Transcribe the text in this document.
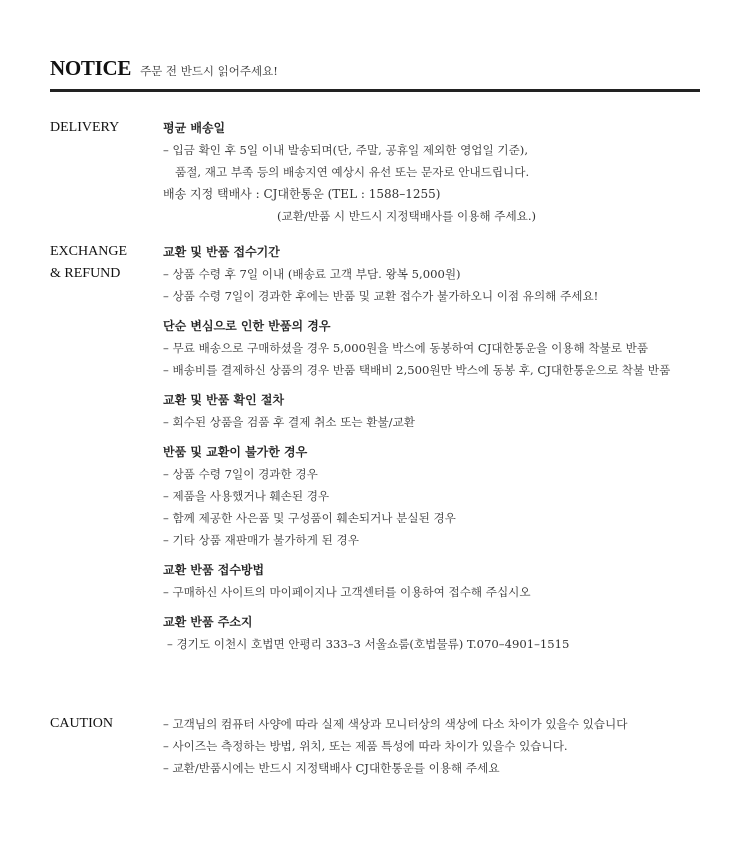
NOTICE 주문 전 반드시 읽어주세요!
DELIVERY	평균 배송일
– 입금 확인 후 5일 이내 발송되며(단, 주말, 공휴일 제외한 영업일 기준),
품절, 재고 부족 등의 배송지연 예상시 유선 또는 문자로 안내드립니다.
배송 지정 택배사 : CJ대한통운 (TEL : 1588–1255)
(교환/반품 시 반드시 지정택배사를 이용해 주세요.)
EXCHANGE
& REFUND
교환 및 반품 접수기간
– 상품 수령 후 7일 이내 (배송료 고객 부담. 왕복 5,000원)
– 상품 수령 7일이 경과한 후에는 반품 및 교환 접수가 불가하오니 이점 유의해 주세요!
단순 변심으로 인한 반품의 경우
– 무료 배송으로 구매하셨을 경우 5,000원을 박스에 동봉하여 CJ대한통운을 이용해 착불로 반품
– 배송비를 결제하신 상품의 경우 반품 택배비 2,500원만 박스에 동봉 후, CJ대한통운으로 착불 반품
교환 및 반품 확인 절차
– 회수된 상품을 검품 후 결제 취소 또는 환불/교환
반품 및 교환이 불가한 경우
– 상품 수령 7일이 경과한 경우
– 제품을 사용했거나 훼손된 경우
– 함께 제공한 사은품 및 구성품이 훼손되거나 분실된 경우
– 기타 상품 재판매가 불가하게 된 경우
교환 반품 접수방법
– 구매하신 사이트의 마이페이지나 고객센터를 이용하여 접수해 주십시오
교환 반품 주소지
– 경기도 이천시 호법면 안평리 333–3 서울쇼룸(호법물류) T.070–4901–1515
CAUTION	– 고객님의 컴퓨터 사양에 따라 실제 색상과 모니터상의 색상에 다소 차이가 있을수 있습니다
– 사이즈는 측정하는 방법, 위치, 또는 제품 특성에 따라 차이가 있을수 있습니다.
– 교환/반품시에는 반드시 지정택배사 CJ대한통운를 이용해 주세요
